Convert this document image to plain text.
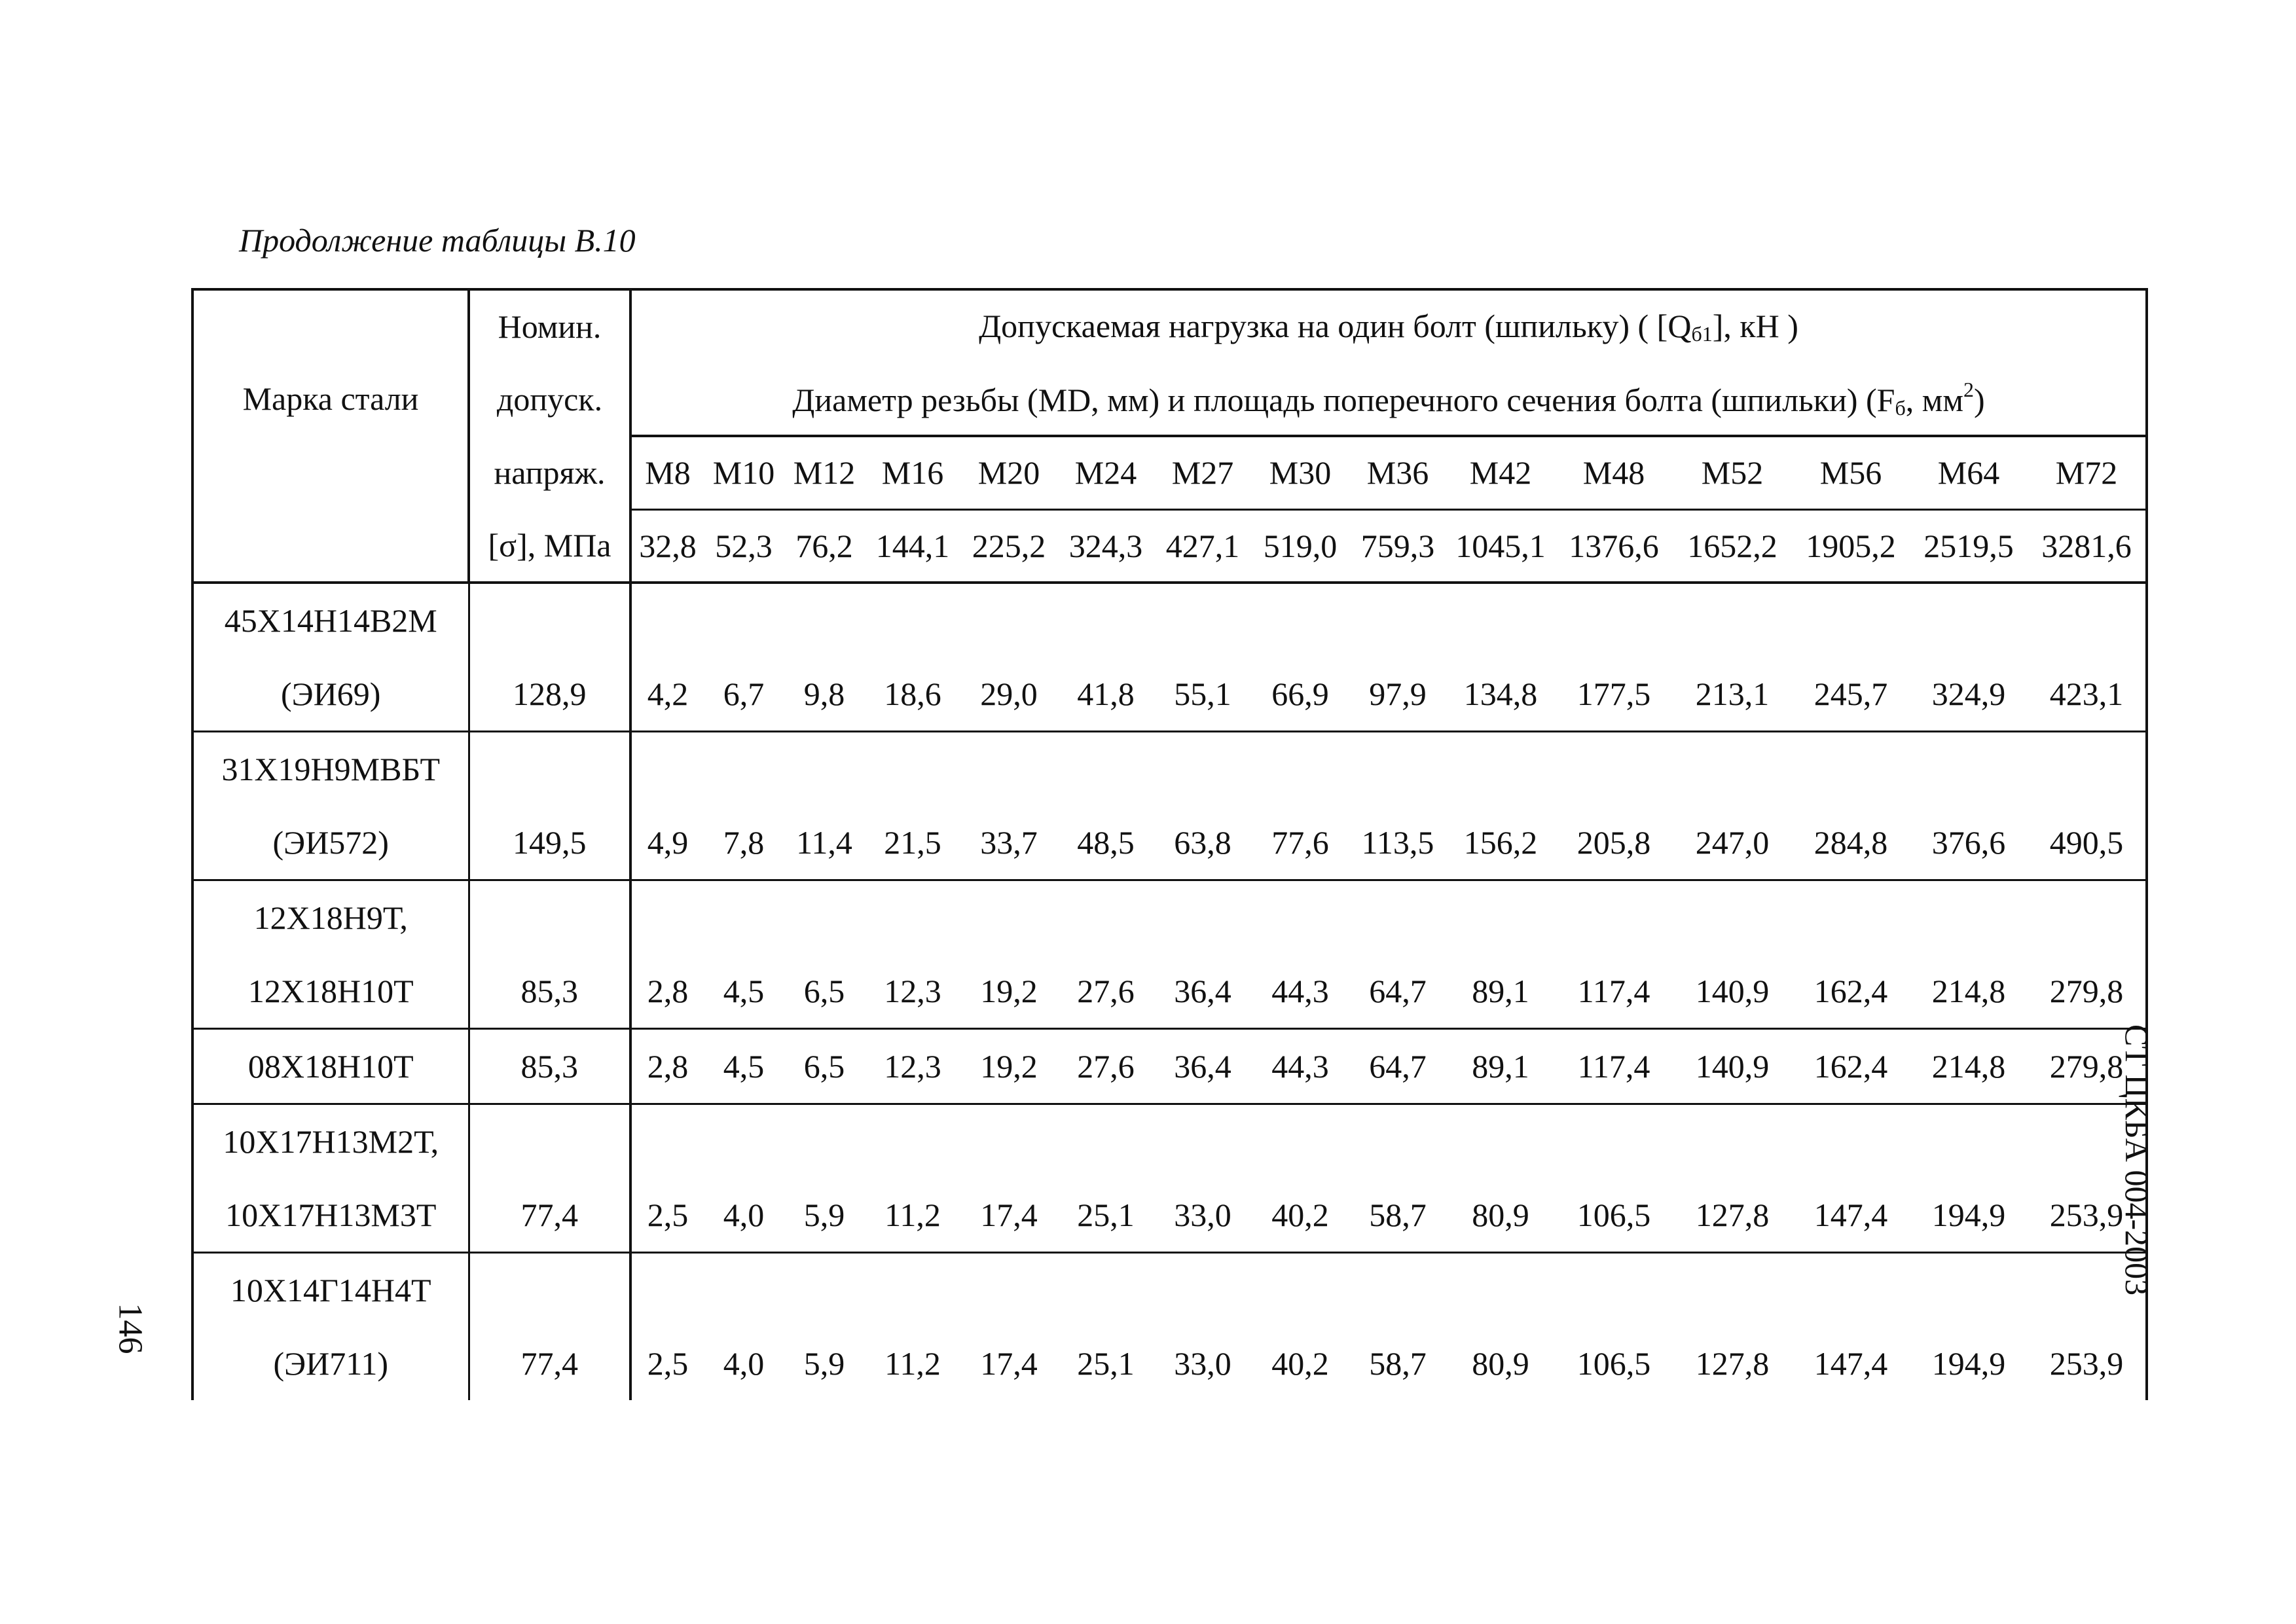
Продолжение таблицы В.10
Марка стали	Номин.	Допускаемая нагрузка на один болт (шпильку) ( $[Q_{б1}]$, кН )														
	допуск.	Диаметр резьбы (MD, мм) и площадь поперечного сечения болта (шпильки) ($F_б$, $мм^2$)														
	напряж.	M8	M10	M12	M16	M20	M24	M27	M30	M36	M42	M48	M52	M56	M64	M72
	[σ], МПа	32,8	52,3	76,2	144,1	225,2	324,3	427,1	519,0	759,3	1045,1	1376,6	1652,2	1905,2	2519,5	3281,6

45Х14Н14В2М
(ЭИ69)	128,9	4,2	6,7	9,8	18,6	29,0	41,8	55,1	66,9	97,9	134,8	177,5	213,1	245,7	324,9	423,1

31Х19Н9МВБТ
(ЭИ572)	149,5	4,9	7,8	11,4	21,5	33,7	48,5	63,8	77,6	113,5	156,2	205,8	247,0	284,8	376,6	490,5

12Х18Н9Т,
12Х18Н10Т	85,3	2,8	4,5	6,5	12,3	19,2	27,6	36,4	44,3	64,7	89,1	117,4	140,9	162,4	214,8	279,8

08Х18Н10Т	85,3	2,8	4,5	6,5	12,3	19,2	27,6	36,4	44,3	64,7	89,1	117,4	140,9	162,4	214,8	279,8

10Х17Н13М2Т,
10Х17Н13М3Т	77,4	2,5	4,0	5,9	11,2	17,4	25,1	33,0	40,2	58,7	80,9	106,5	127,8	147,4	194,9	253,9

10Х14Г14Н4Т
(ЭИ711)	77,4	2,5	4,0	5,9	11,2	17,4	25,1	33,0	40,2	58,7	80,9	106,5	127,8	147,4	194,9	253,9
СТ ЦКБА 004-2003
146
